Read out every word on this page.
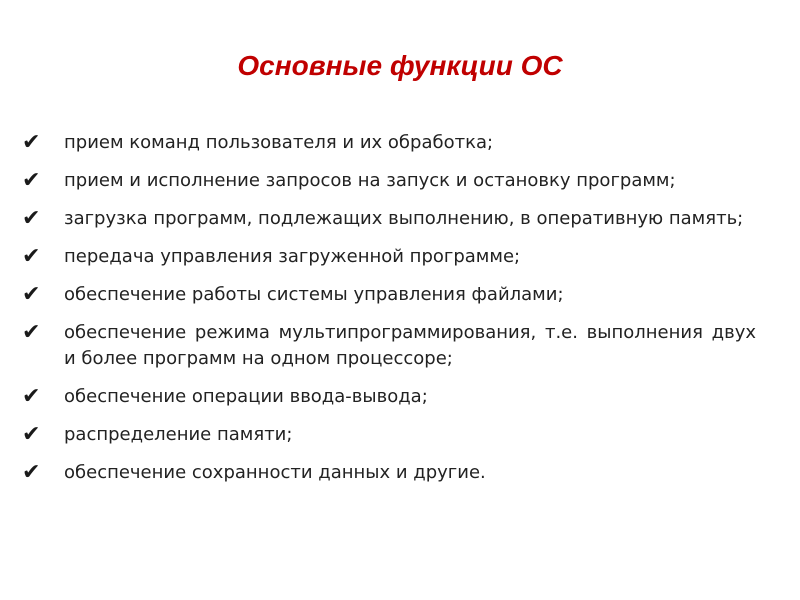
Основные функции ОС
✔	прием команд пользователя и их обработка;
✔	прием и исполнение запросов на запуск и остановку программ;
✔	загрузка программ, подлежащих выполнению, в оперативную память;
✔	передача управления загруженной программе;
✔	обеспечение работы системы управления файлами;
✔	обеспечение режима мультипрограммирования, т.е. выполнения двух и более программ на одном процессоре;
✔	обеспечение операции ввода-вывода;
✔	распределение памяти;
✔	обеспечение сохранности данных и другие.
